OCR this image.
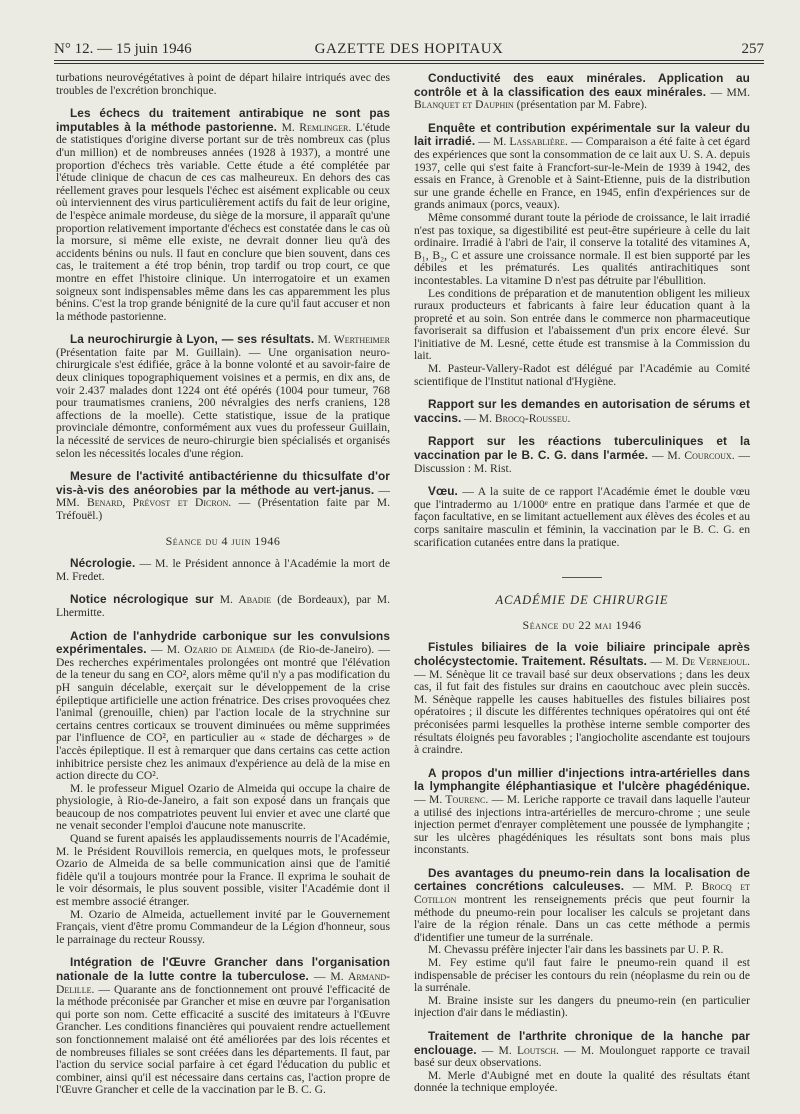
N° 12. — 15 juin 1946	GAZETTE DES HOPITAUX	257

turbations neurovégétatives à point de départ hilaire intriqués avec des troubles de l'excrétion bronchique.

Les échecs du traitement antirabique ne sont pas imputables à la méthode pastorienne. M. Remlinger. L'étude de statistiques d'origine diverse portant sur de très nombreux cas (plus d'un million) et de nombreuses années (1928 à 1937), a montré une proportion d'échecs très variable. Cette étude a été complétée par l'étude clinique de chacun de ces cas malheureux. En dehors des cas réellement graves pour lesquels l'échec est aisément explicable ou ceux où interviennent des virus particulièrement actifs du fait de leur origine, de l'espèce animale mordeuse, du siège de la morsure, il apparaît qu'une proportion relativement importante d'échecs est constatée dans le cas où la morsure, si même elle existe, ne devrait donner lieu qu'à des accidents bénins ou nuls. Il faut en conclure que bien souvent, dans ces cas, le traitement a été trop bénin, trop tardif ou trop court, ce que montre en effet l'histoire clinique. Un interrogatoire et un examen soigneux sont indispensables même dans les cas apparemment les plus bénins. C'est la trop grande bénignité de la cure qu'il faut accuser et non la méthode pastorienne.

La neurochirurgie à Lyon, — ses résultats. M. Wertheimer (Présentation faite par M. Guillain). — Une organisation neuro-chirurgicale s'est édifiée, grâce à la bonne volonté et au savoir-faire de deux cliniques topographiquement voisines et a permis, en dix ans, de voir 2.437 malades dont 1224 ont été opérés (1004 pour tumeur, 768 pour traumatismes craniens, 200 névralgies des nerfs craniens, 128 affections de la moelle). Cette statistique, issue de la pratique provinciale démontre, conformément aux vues du professeur Guillain, la nécessité de services de neuro-chirurgie bien spécialisés et organisés selon les nécessités locales d'une région.

Mesure de l'activité antibactérienne du thicsulfate d'or vis-à-vis des anéorobies par la méthode au vert-janus. — MM. Benard, Prévost et Dicron. — (Présentation faite par M. Tréfouël.)

Séance du 4 juin 1946

Nécrologie. — M. le Président annonce à l'Académie la mort de M. Fredet.

Notice nécrologique sur M. Abadie (de Bordeaux), par M. Lhermitte.

Action de l'anhydride carbonique sur les convulsions expérimentales. — M. Ozario de Almeida (de Rio-de-Janeiro). — Des recherches expérimentales prolongées ont montré que l'élévation de la teneur du sang en CO², alors même qu'il n'y a pas modification du pH sanguin décelable, exerçait sur le développement de la crise épileptique artificielle une action frénatrice. Des crises provoquées chez l'animal (grenouille, chien) par l'action locale de la strychnine sur certains centres corticaux se trouvent diminuées ou même supprimées par l'influence de CO², en particulier au « stade de décharges » de l'accès épileptique. Il est à remarquer que dans certains cas cette action inhibitrice persiste chez les animaux d'expérience au delà de la mise en action directe du CO².

M. le professeur Miguel Ozario de Almeida qui occupe la chaire de physiologie, à Rio-de-Janeiro, a fait son exposé dans un français que beaucoup de nos compatriotes peuvent lui envier et avec une clarté que ne venait seconder l'emploi d'aucune note manuscrite.

Quand se furent apaisés les applaudissements nourris de l'Académie, M. le Président Rouvillois remercia, en quelques mots, le professeur Ozario de Almeida de sa belle communication ainsi que de l'amitié fidèle qu'il a toujours montrée pour la France. Il exprima le souhait de le voir désormais, le plus souvent possible, visiter l'Académie dont il est membre associé étranger.

M. Ozario de Almeida, actuellement invité par le Gouvernement Français, vient d'être promu Commandeur de la Légion d'honneur, sous le parrainage du recteur Roussy.

Intégration de l'Œuvre Grancher dans l'organisation nationale de la lutte contre la tuberculose. — M. Armand-Delille. — Quarante ans de fonctionnement ont prouvé l'efficacité de la méthode préconisée par Grancher et mise en œuvre par l'organisation qui porte son nom. Cette efficacité a suscité des imitateurs à l'Œuvre Grancher. Les conditions financières qui pouvaient rendre actuellement son fonctionnement malaisé ont été améliorées par des lois récentes et de nombreuses filiales se sont créées dans les départements. Il faut, par l'action du service social parfaire à cet égard l'éducation du public et combiner, ainsi qu'il est nécessaire dans certains cas, l'action propre de l'Œuvre Grancher et celle de la vaccination par le B. C. G.

Conductivité des eaux minérales. Application au contrôle et à la classification des eaux minérales. — MM. Blanquet et Dauphin (présentation par M. Fabre).

Enquête et contribution expérimentale sur la valeur du lait irradié. — M. Lassablière. — Comparaison a été faite à cet égard des expériences que sont la consommation de ce lait aux U. S. A. depuis 1937, celle qui s'est faite à Francfort-sur-le-Mein de 1939 à 1942, des essais en France, à Grenoble et à Saint-Etienne, puis de la distribution sur une grande échelle en France, en 1945, enfin d'expériences sur de grands animaux (porcs, veaux).

Même consommé durant toute la période de croissance, le lait irradié n'est pas toxique, sa digestibilité est peut-être supérieure à celle du lait ordinaire. Irradié à l'abri de l'air, il conserve la totalité des vitamines A, B₁, B₂, C et assure une croissance normale. Il est bien supporté par les débiles et les prématurés. Les qualités antirachitiques sont incontestables. La vitamine D n'est pas détruite par l'ébullition.

Les conditions de préparation et de manutention obligent les milieux ruraux producteurs et fabricants à faire leur éducation quant à la propreté et au soin. Son entrée dans le commerce non pharmaceutique favoriserait sa diffusion et l'abaissement d'un prix encore élevé. Sur l'initiative de M. Lesné, cette étude est transmise à la Commission du lait.

M. Pasteur-Vallery-Radot est délégué par l'Académie au Comité scientifique de l'Institut national d'Hygiène.

Rapport sur les demandes en autorisation de sérums et vaccins. — M. Brocq-Rousseu.

Rapport sur les réactions tuberculiniques et la vaccination par le B. C. G. dans l'armée. — M. Courcoux. — Discussion : M. Rist.

Vœu. — A la suite de ce rapport l'Académie émet le double vœu que l'intradermo au 1/1000ᵉ entre en pratique dans l'armée et que de façon facultative, en se limitant actuellement aux élèves des écoles et au corps sanitaire masculin et féminin, la vaccination par le B. C. G. en scarification cutanées entre dans la pratique.

ACADÉMIE DE CHIRURGIE

Séance du 22 mai 1946

Fistules biliaires de la voie biliaire principale après cholécystectomie. Traitement. Résultats. — M. De Vernejoul. — M. Sénèque lit ce travail basé sur deux observations ; dans les deux cas, il fut fait des fistules sur drains en caoutchouc avec plein succès. M. Sénèque rappelle les causes habituelles des fistules biliaires post opératoires ; il discute les différentes techniques opératoires qui ont été préconisées parmi lesquelles la prothèse interne semble comporter des résultats éloignés peu favorables ; l'angiocholite ascendante est toujours à craindre.

A propos d'un millier d'injections intra-artérielles dans la lymphangite éléphantiasique et l'ulcère phagédénique. — M. Tourenc. — M. Leriche rapporte ce travail dans laquelle l'auteur a utilisé des injections intra-artérielles de mercuro-chrome ; une seule injection permet d'enrayer complètement une poussée de lymphangite ; sur les ulcères phagédéniques les résultats sont bons mais plus inconstants.

Des avantages du pneumo-rein dans la localisation de certaines concrétions calculeuses. — MM. P. Brocq et Cotillon montrent les renseignements précis que peut fournir la méthode du pneumo-rein pour localiser les calculs se projetant dans l'aire de la région rénale. Dans un cas cette méthode a permis d'identifier une tumeur de la surrénale.

M. Chevassu préfère injecter l'air dans les bassinets par U. P. R.

M. Fey estime qu'il faut faire le pneumo-rein quand il est indispensable de préciser les contours du rein (néoplasme du rein ou de la surrénale.

M. Braine insiste sur les dangers du pneumo-rein (en particulier injection d'air dans le médiastin).

Traitement de l'arthrite chronique de la hanche par enclouage. — M. Loutsch. — M. Moulonguet rapporte ce travail basé sur deux observations.

M. Merle d'Aubigné met en doute la qualité des résultats étant donnée la technique employée.
